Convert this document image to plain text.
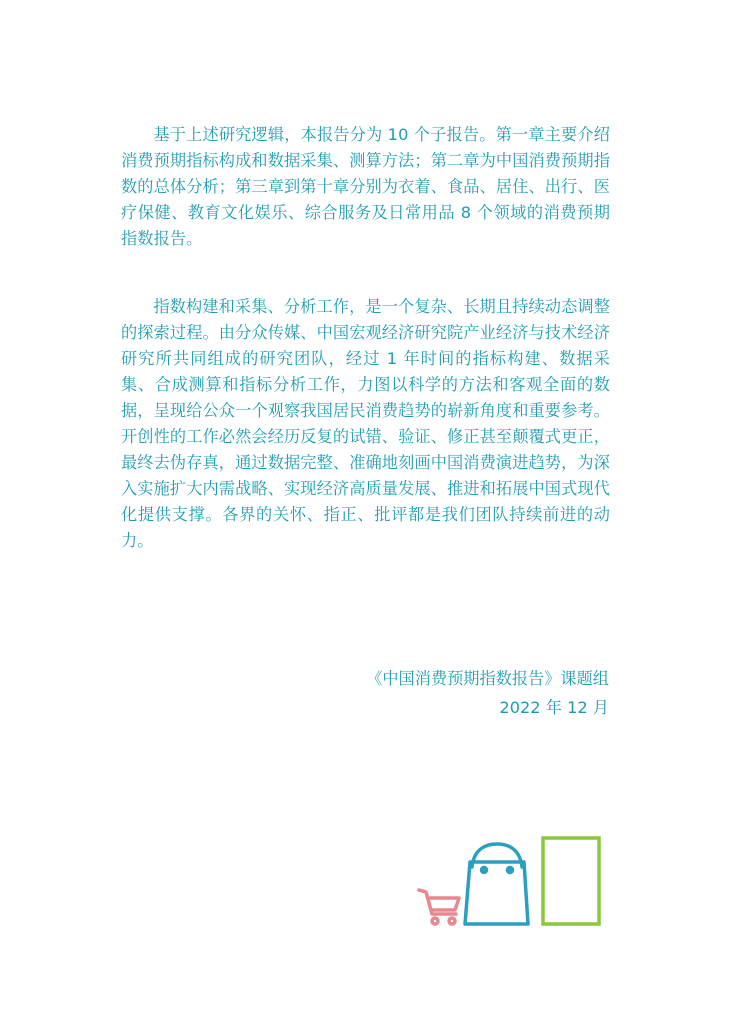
基于上述研究逻辑，本报告分为 10 个子报告。第一章主要介绍消费预期指标构成和数据采集、测算方法；第二章为中国消费预期指数的总体分析；第三章到第十章分别为衣着、食品、居住、出行、医疗保健、教育文化娱乐、综合服务及日常用品 8 个领域的消费预期指数报告。

指数构建和采集、分析工作，是一个复杂、长期且持续动态调整的探索过程。由分众传媒、中国宏观经济研究院产业经济与技术经济研究所共同组成的研究团队，经过 1 年时间的指标构建、数据采集、合成测算和指标分析工作，力图以科学的方法和客观全面的数据，呈现给公众一个观察我国居民消费趋势的崭新角度和重要参考。开创性的工作必然会经历反复的试错、验证、修正甚至颠覆式更正，最终去伪存真，通过数据完整、准确地刻画中国消费演进趋势，为深入实施扩大内需战略、实现经济高质量发展、推进和拓展中国式现代化提供支撑。各界的关怀、指正、批评都是我们团队持续前进的动力。

《中国消费预期指数报告》课题组
2022 年 12 月
